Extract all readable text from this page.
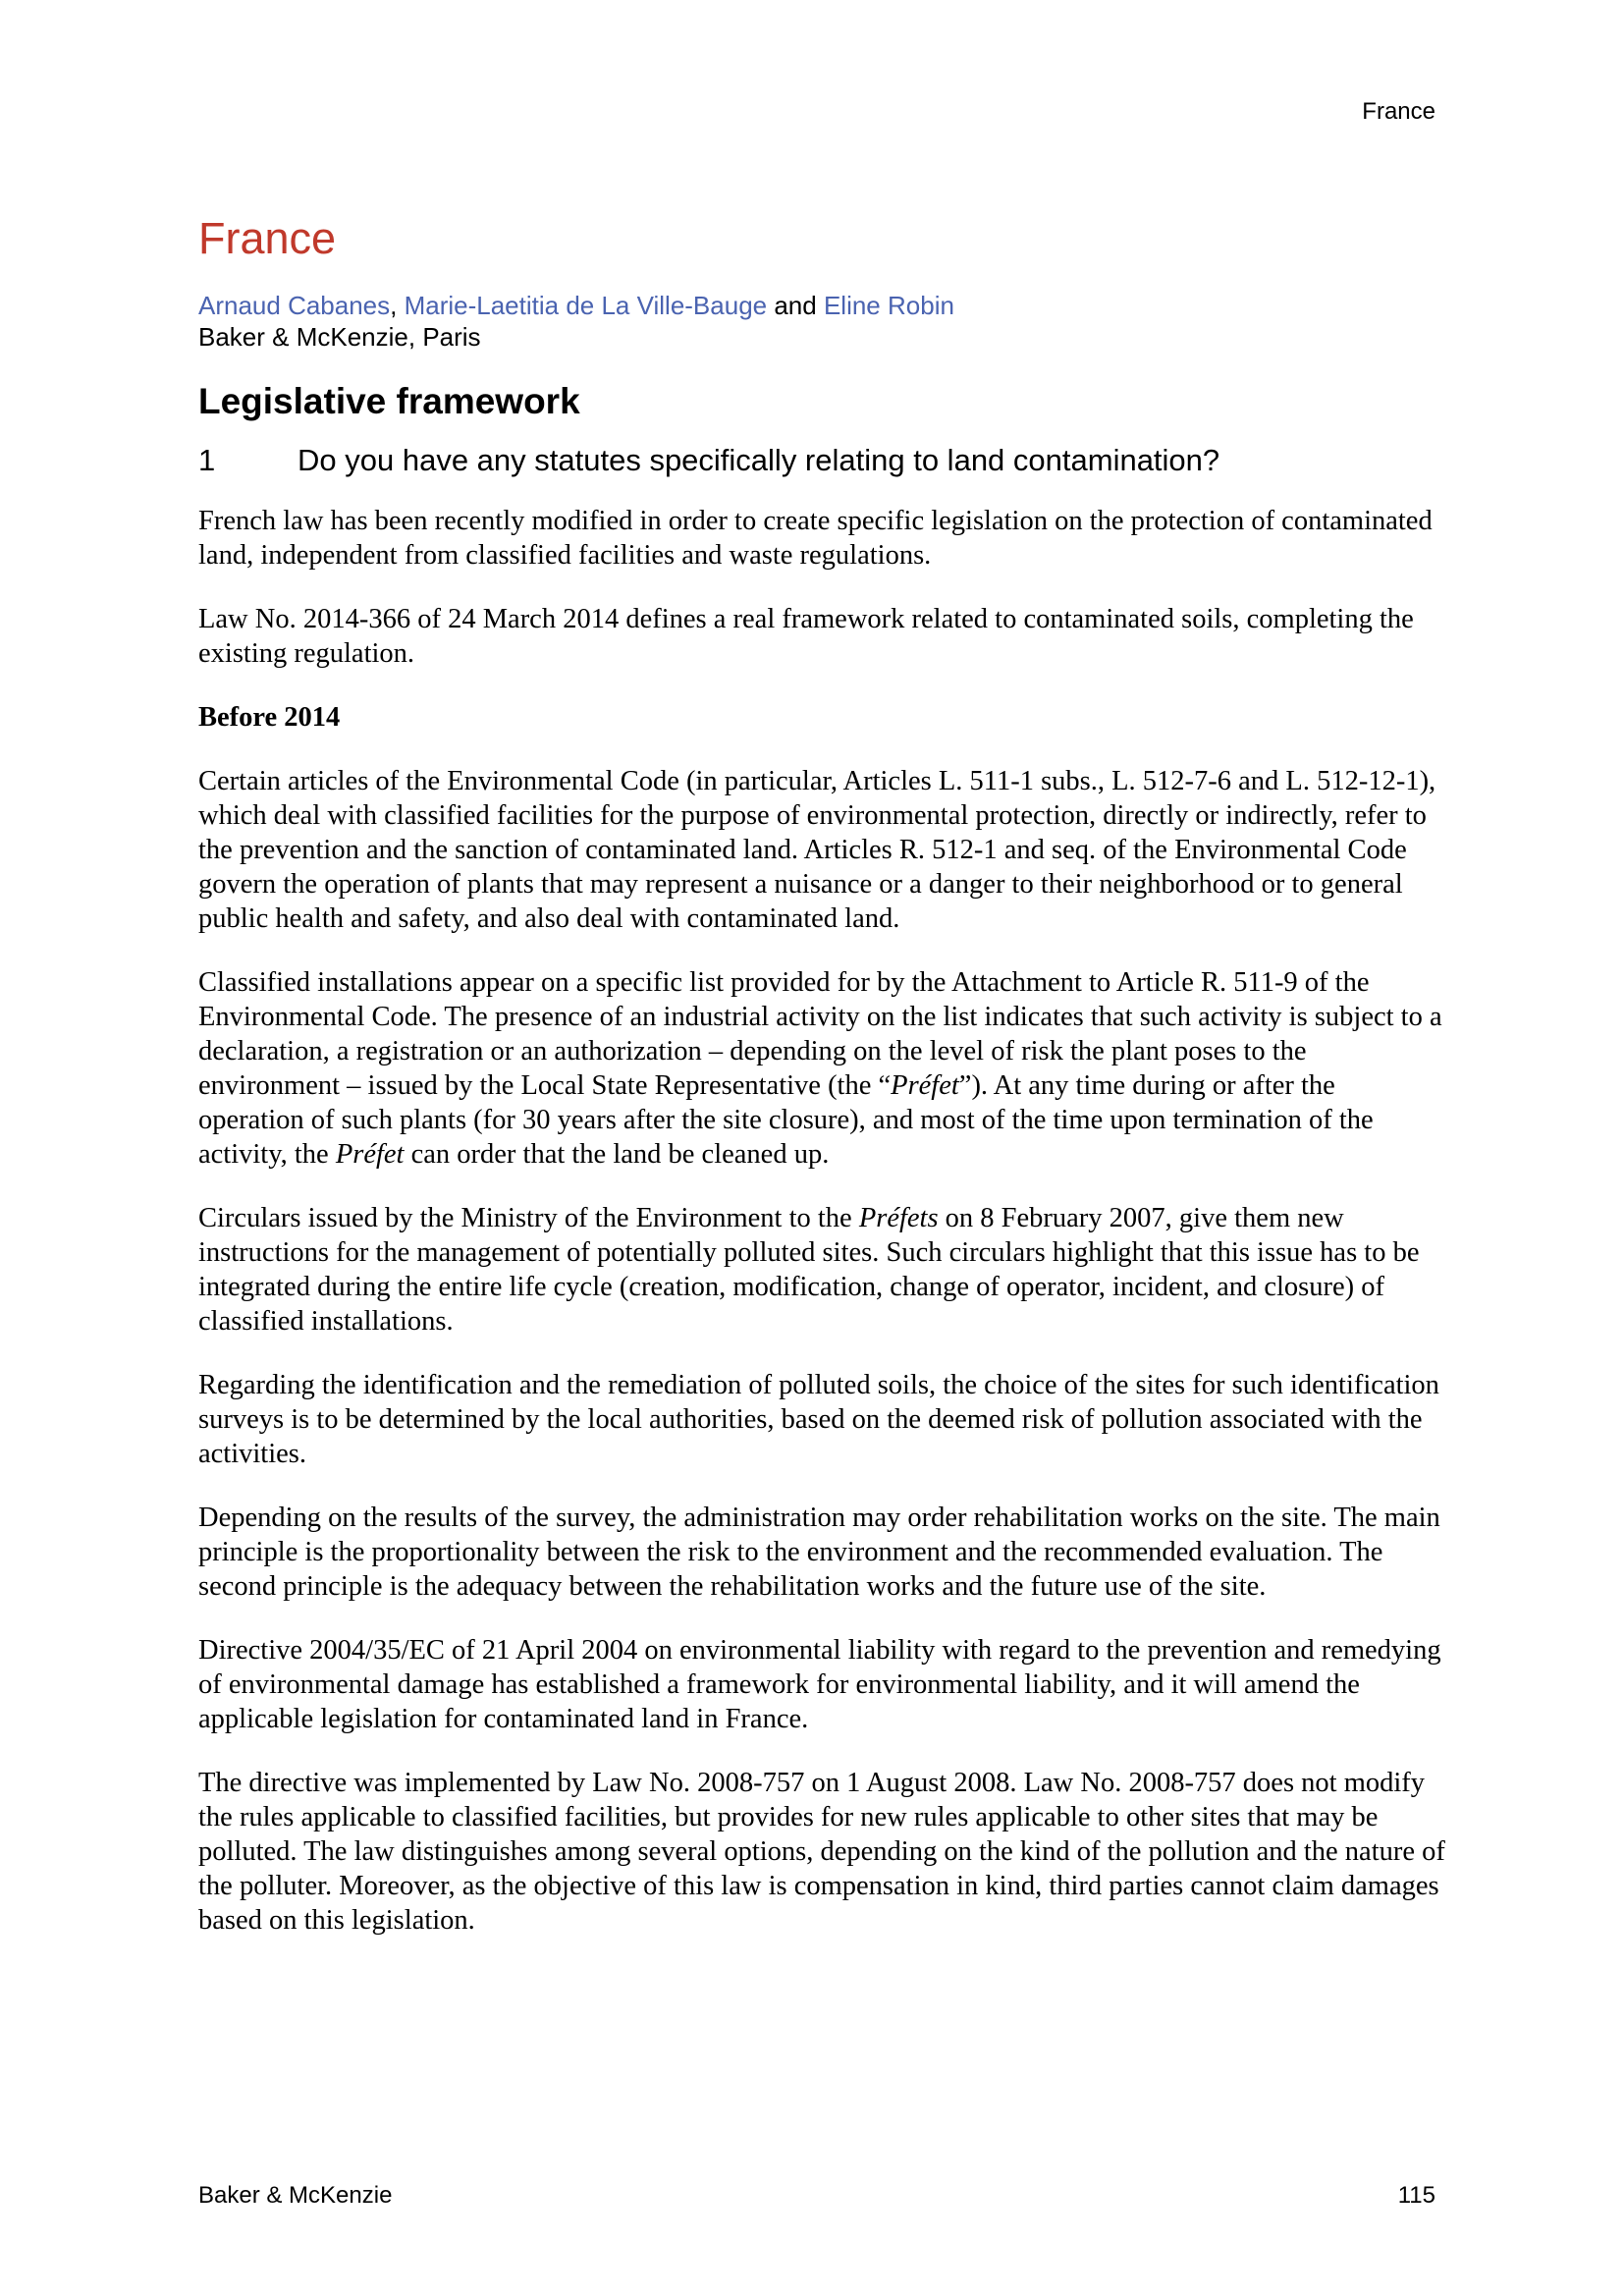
France
France
Arnaud Cabanes, Marie-Laetitia de La Ville-Bauge and Eline Robin
Baker & McKenzie, Paris
Legislative framework
1	Do you have any statutes specifically relating to land contamination?

French law has been recently modified in order to create specific legislation on the protection of contaminated land, independent from classified facilities and waste regulations.

Law No. 2014-366 of 24 March 2014 defines a real framework related to contaminated soils, completing the existing regulation.

Before 2014

Certain articles of the Environmental Code (in particular, Articles L. 511-1 subs., L. 512-7-6 and L. 512-12-1), which deal with classified facilities for the purpose of environmental protection, directly or indirectly, refer to the prevention and the sanction of contaminated land. Articles R. 512-1 and seq. of the Environmental Code govern the operation of plants that may represent a nuisance or a danger to their neighborhood or to general public health and safety, and also deal with contaminated land.

Classified installations appear on a specific list provided for by the Attachment to Article R. 511-9 of the Environmental Code. The presence of an industrial activity on the list indicates that such activity is subject to a declaration, a registration or an authorization – depending on the level of risk the plant poses to the environment – issued by the Local State Representative (the “Préfet”). At any time during or after the operation of such plants (for 30 years after the site closure), and most of the time upon termination of the activity, the Préfet can order that the land be cleaned up.

Circulars issued by the Ministry of the Environment to the Préfets on 8 February 2007, give them new instructions for the management of potentially polluted sites. Such circulars highlight that this issue has to be integrated during the entire life cycle (creation, modification, change of operator, incident, and closure) of classified installations.

Regarding the identification and the remediation of polluted soils, the choice of the sites for such identification surveys is to be determined by the local authorities, based on the deemed risk of pollution associated with the activities.

Depending on the results of the survey, the administration may order rehabilitation works on the site. The main principle is the proportionality between the risk to the environment and the recommended evaluation. The second principle is the adequacy between the rehabilitation works and the future use of the site.

Directive 2004/35/EC of 21 April 2004 on environmental liability with regard to the prevention and remedying of environmental damage has established a framework for environmental liability, and it will amend the applicable legislation for contaminated land in France.

The directive was implemented by Law No. 2008-757 on 1 August 2008. Law No. 2008-757 does not modify the rules applicable to classified facilities, but provides for new rules applicable to other sites that may be polluted. The law distinguishes among several options, depending on the kind of the pollution and the nature of the polluter. Moreover, as the objective of this law is compensation in kind, third parties cannot claim damages based on this legislation.

Baker & McKenzie	115
